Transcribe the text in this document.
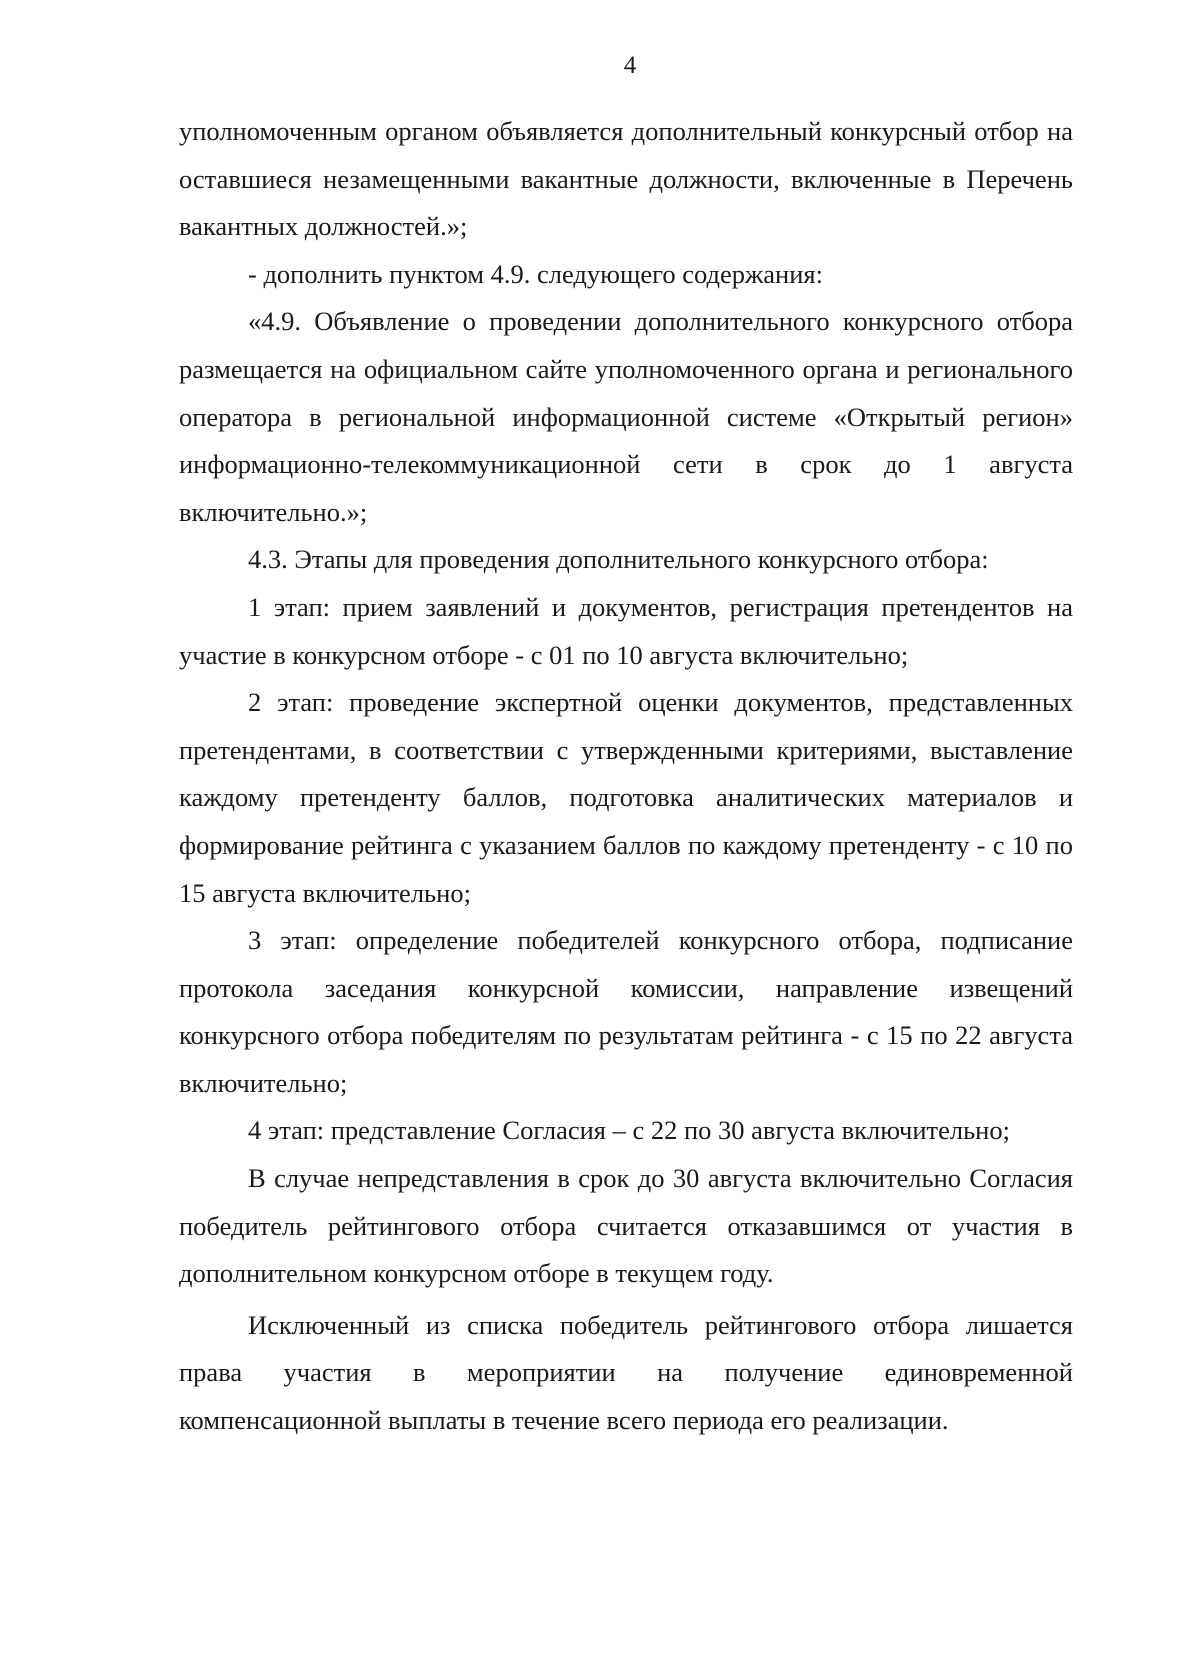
4

уполномоченным органом объявляется дополнительный конкурсный отбор на оставшиеся незамещенными вакантные должности, включенные в Перечень вакантных должностей.»;

- дополнить пунктом 4.9. следующего содержания:

«4.9. Объявление о проведении дополнительного конкурсного отбора размещается на официальном сайте уполномоченного органа и регионального оператора в региональной информационной системе «Открытый регион» информационно-телекоммуникационной сети в срок до 1 августа включительно.»;

4.3. Этапы для проведения дополнительного конкурсного отбора:

1 этап: прием заявлений и документов, регистрация претендентов на участие в конкурсном отборе - с 01 по 10 августа включительно;

2 этап: проведение экспертной оценки документов, представленных претендентами, в соответствии с утвержденными критериями, выставление каждому претенденту баллов, подготовка аналитических материалов и формирование рейтинга с указанием баллов по каждому претенденту - с 10 по 15 августа включительно;

3 этап: определение победителей конкурсного отбора, подписание протокола заседания конкурсной комиссии, направление извещений конкурсного отбора победителям по результатам рейтинга - с 15 по 22 августа включительно;

4 этап: представление Согласия – с 22 по 30 августа включительно;

В случае непредставления в срок до 30 августа включительно Согласия победитель рейтингового отбора считается отказавшимся от участия в дополнительном конкурсном отборе в текущем году.

Исключенный из списка победитель рейтингового отбора лишается права участия в мероприятии на получение единовременной компенсационной выплаты в течение всего периода его реализации.
